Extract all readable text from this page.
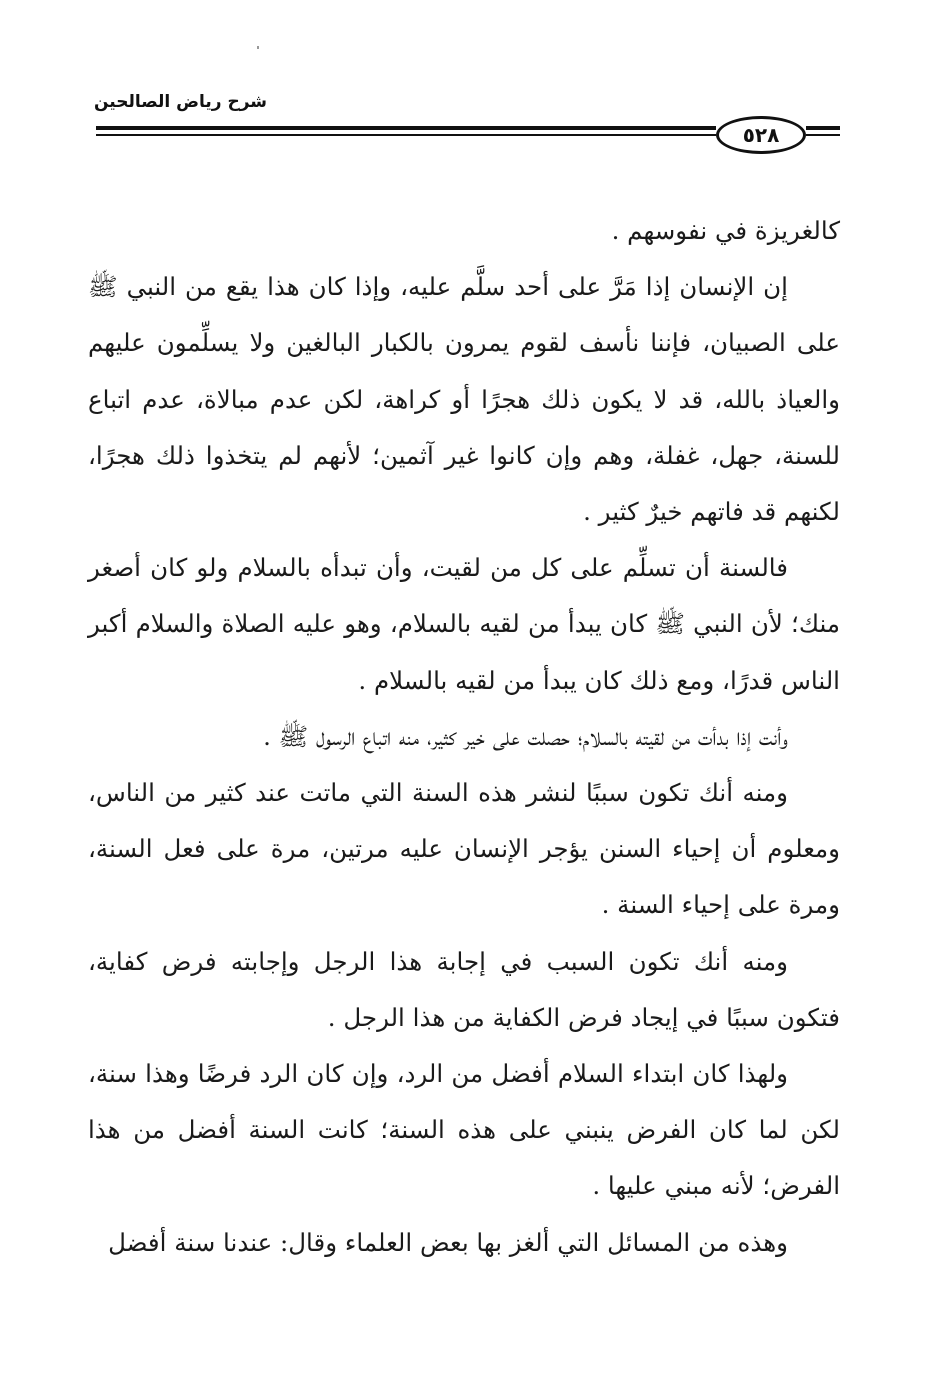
شرح رياض الصالحين
٥٢٨

كالغريزة في نفوسهم .

إن الإنسان إذا مَرَّ على أحد سلَّم عليه، وإذا كان هذا يقع من النبي ﷺ على الصبيان، فإننا نأسف لقوم يمرون بالكبار البالغين ولا يسلِّمون عليهم والعياذ بالله، قد لا يكون ذلك هجرًا أو كراهة، لكن عدم مبالاة، عدم اتباع للسنة، جهل، غفلة، وهم وإن كانوا غير آثمين؛ لأنهم لم يتخذوا ذلك هجرًا، لكنهم قد فاتهم خيرٌ كثير .

فالسنة أن تسلِّم على كل من لقيت، وأن تبدأه بالسلام ولو كان أصغر منك؛ لأن النبي ﷺ كان يبدأ من لقيه بالسلام، وهو عليه الصلاة والسلام أكبر الناس قدرًا، ومع ذلك كان يبدأ من لقيه بالسلام .

وأنت إذا بدأت من لقيته بالسلام؛ حصلت على خير كثير، منه اتباع الرسول ﷺ .

ومنه أنك تكون سببًا لنشر هذه السنة التي ماتت عند كثير من الناس، ومعلوم أن إحياء السنن يؤجر الإنسان عليه مرتين، مرة على فعل السنة، ومرة على إحياء السنة .

ومنه أنك تكون السبب في إجابة هذا الرجل وإجابته فرض كفاية، فتكون سببًا في إيجاد فرض الكفاية من هذا الرجل .

ولهذا كان ابتداء السلام أفضل من الرد، وإن كان الرد فرضًا وهذا سنة، لكن لما كان الفرض ينبني على هذه السنة؛ كانت السنة أفضل من هذا الفرض؛ لأنه مبني عليها .

وهذه من المسائل التي ألغز بها بعض العلماء وقال: عندنا سنة أفضل
